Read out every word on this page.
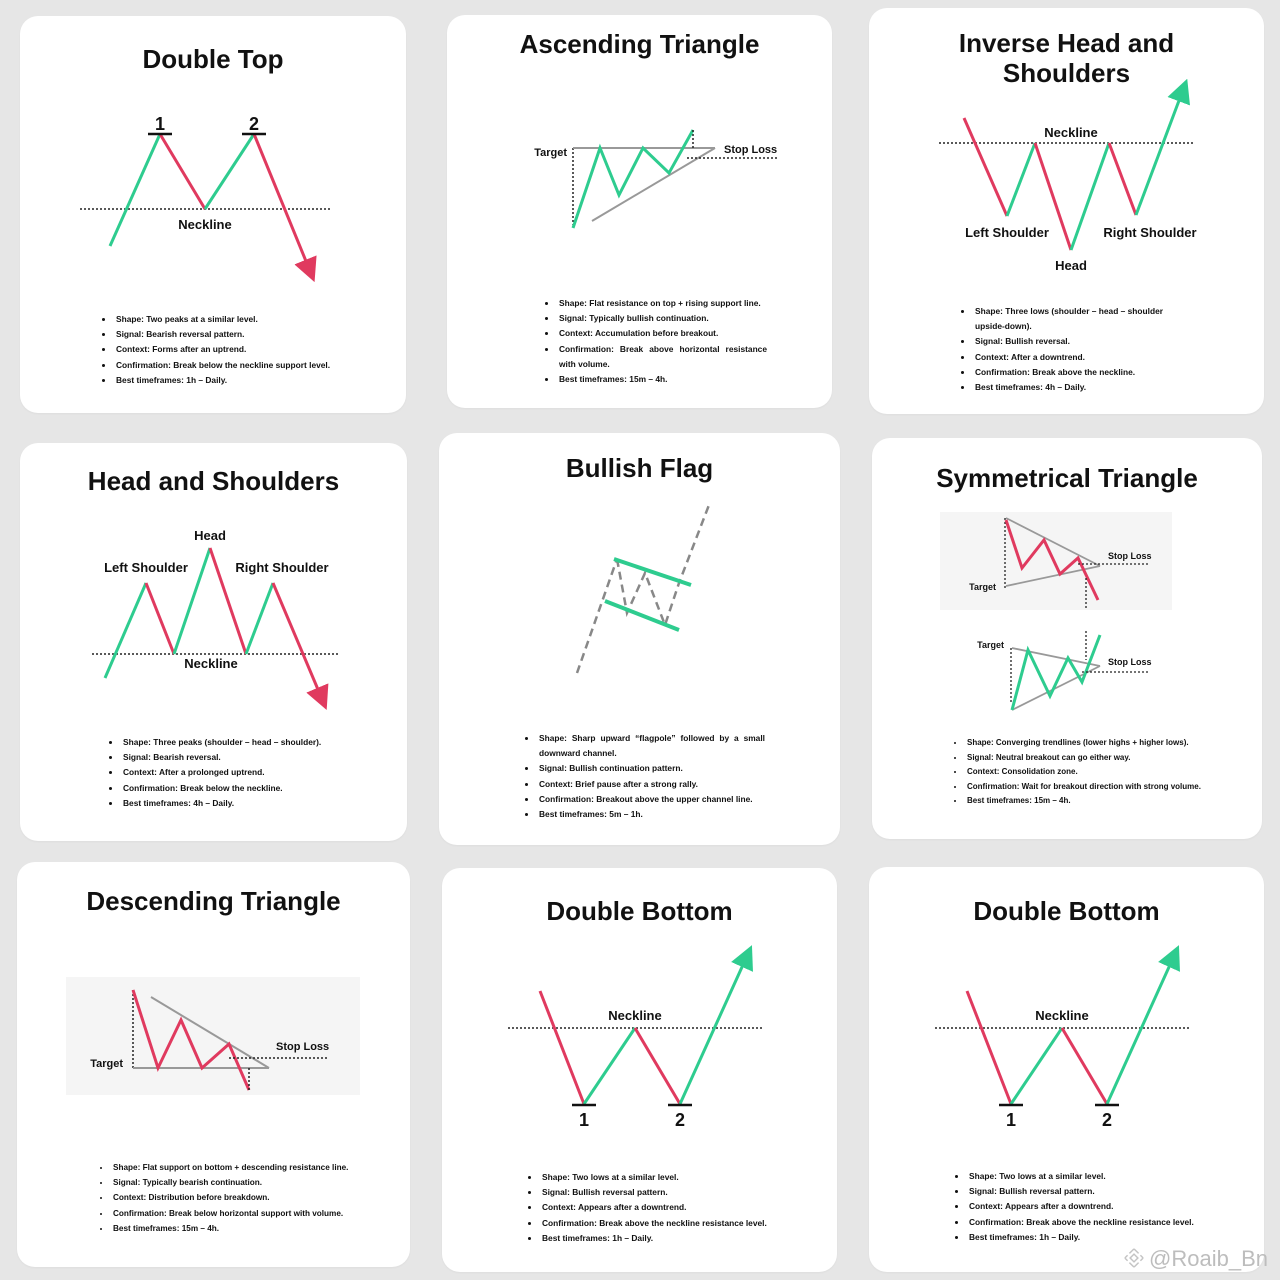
Double Top
1	2
Neckline
• Shape: Two peaks at a similar level.
• Signal: Bearish reversal pattern.
• Context: Forms after an uptrend.
• Confirmation: Break below the neckline support level.
• Best timeframes: 1h – Daily.
Ascending Triangle
Target	Stop Loss
• Shape: Flat resistance on top + rising support line.
• Signal: Typically bullish continuation.
• Context: Accumulation before breakout.
• Confirmation: Break above horizontal resistance with volume.
• Best timeframes: 15m – 4h.
Inverse Head and Shoulders
Neckline
Left Shoulder	Right Shoulder
Head
• Shape: Three lows (shoulder – head – shoulder upside-down).
• Signal: Bullish reversal.
• Context: After a downtrend.
• Confirmation: Break above the neckline.
• Best timeframes: 4h – Daily.
Head and Shoulders
Head
Left Shoulder	Right Shoulder
Neckline
• Shape: Three peaks (shoulder – head – shoulder).
• Signal: Bearish reversal.
• Context: After a prolonged uptrend.
• Confirmation: Break below the neckline.
• Best timeframes: 4h – Daily.
Bullish Flag
• Shape: Sharp upward “flagpole” followed by a small downward channel.
• Signal: Bullish continuation pattern.
• Context: Brief pause after a strong rally.
• Confirmation: Breakout above the upper channel line.
• Best timeframes: 5m – 1h.
Symmetrical Triangle
Stop Loss
Target
Target
Stop Loss
• Shape: Converging trendlines (lower highs + higher lows).
• Signal: Neutral breakout can go either way.
• Context: Consolidation zone.
• Confirmation: Wait for breakout direction with strong volume.
• Best timeframes: 15m – 4h.
Descending Triangle
Target
Stop Loss
• Shape: Flat support on bottom + descending resistance line.
• Signal: Typically bearish continuation.
• Context: Distribution before breakdown.
• Confirmation: Break below horizontal support with volume.
• Best timeframes: 15m – 4h.
Double Bottom
Neckline
1	2
• Shape: Two lows at a similar level.
• Signal: Bullish reversal pattern.
• Context: Appears after a downtrend.
• Confirmation: Break above the neckline resistance level.
• Best timeframes: 1h – Daily.
Double Bottom
Neckline
1	2
• Shape: Two lows at a similar level.
• Signal: Bullish reversal pattern.
• Context: Appears after a downtrend.
• Confirmation: Break above the neckline resistance level.
• Best timeframes: 1h – Daily.
@Roaib_Bn
